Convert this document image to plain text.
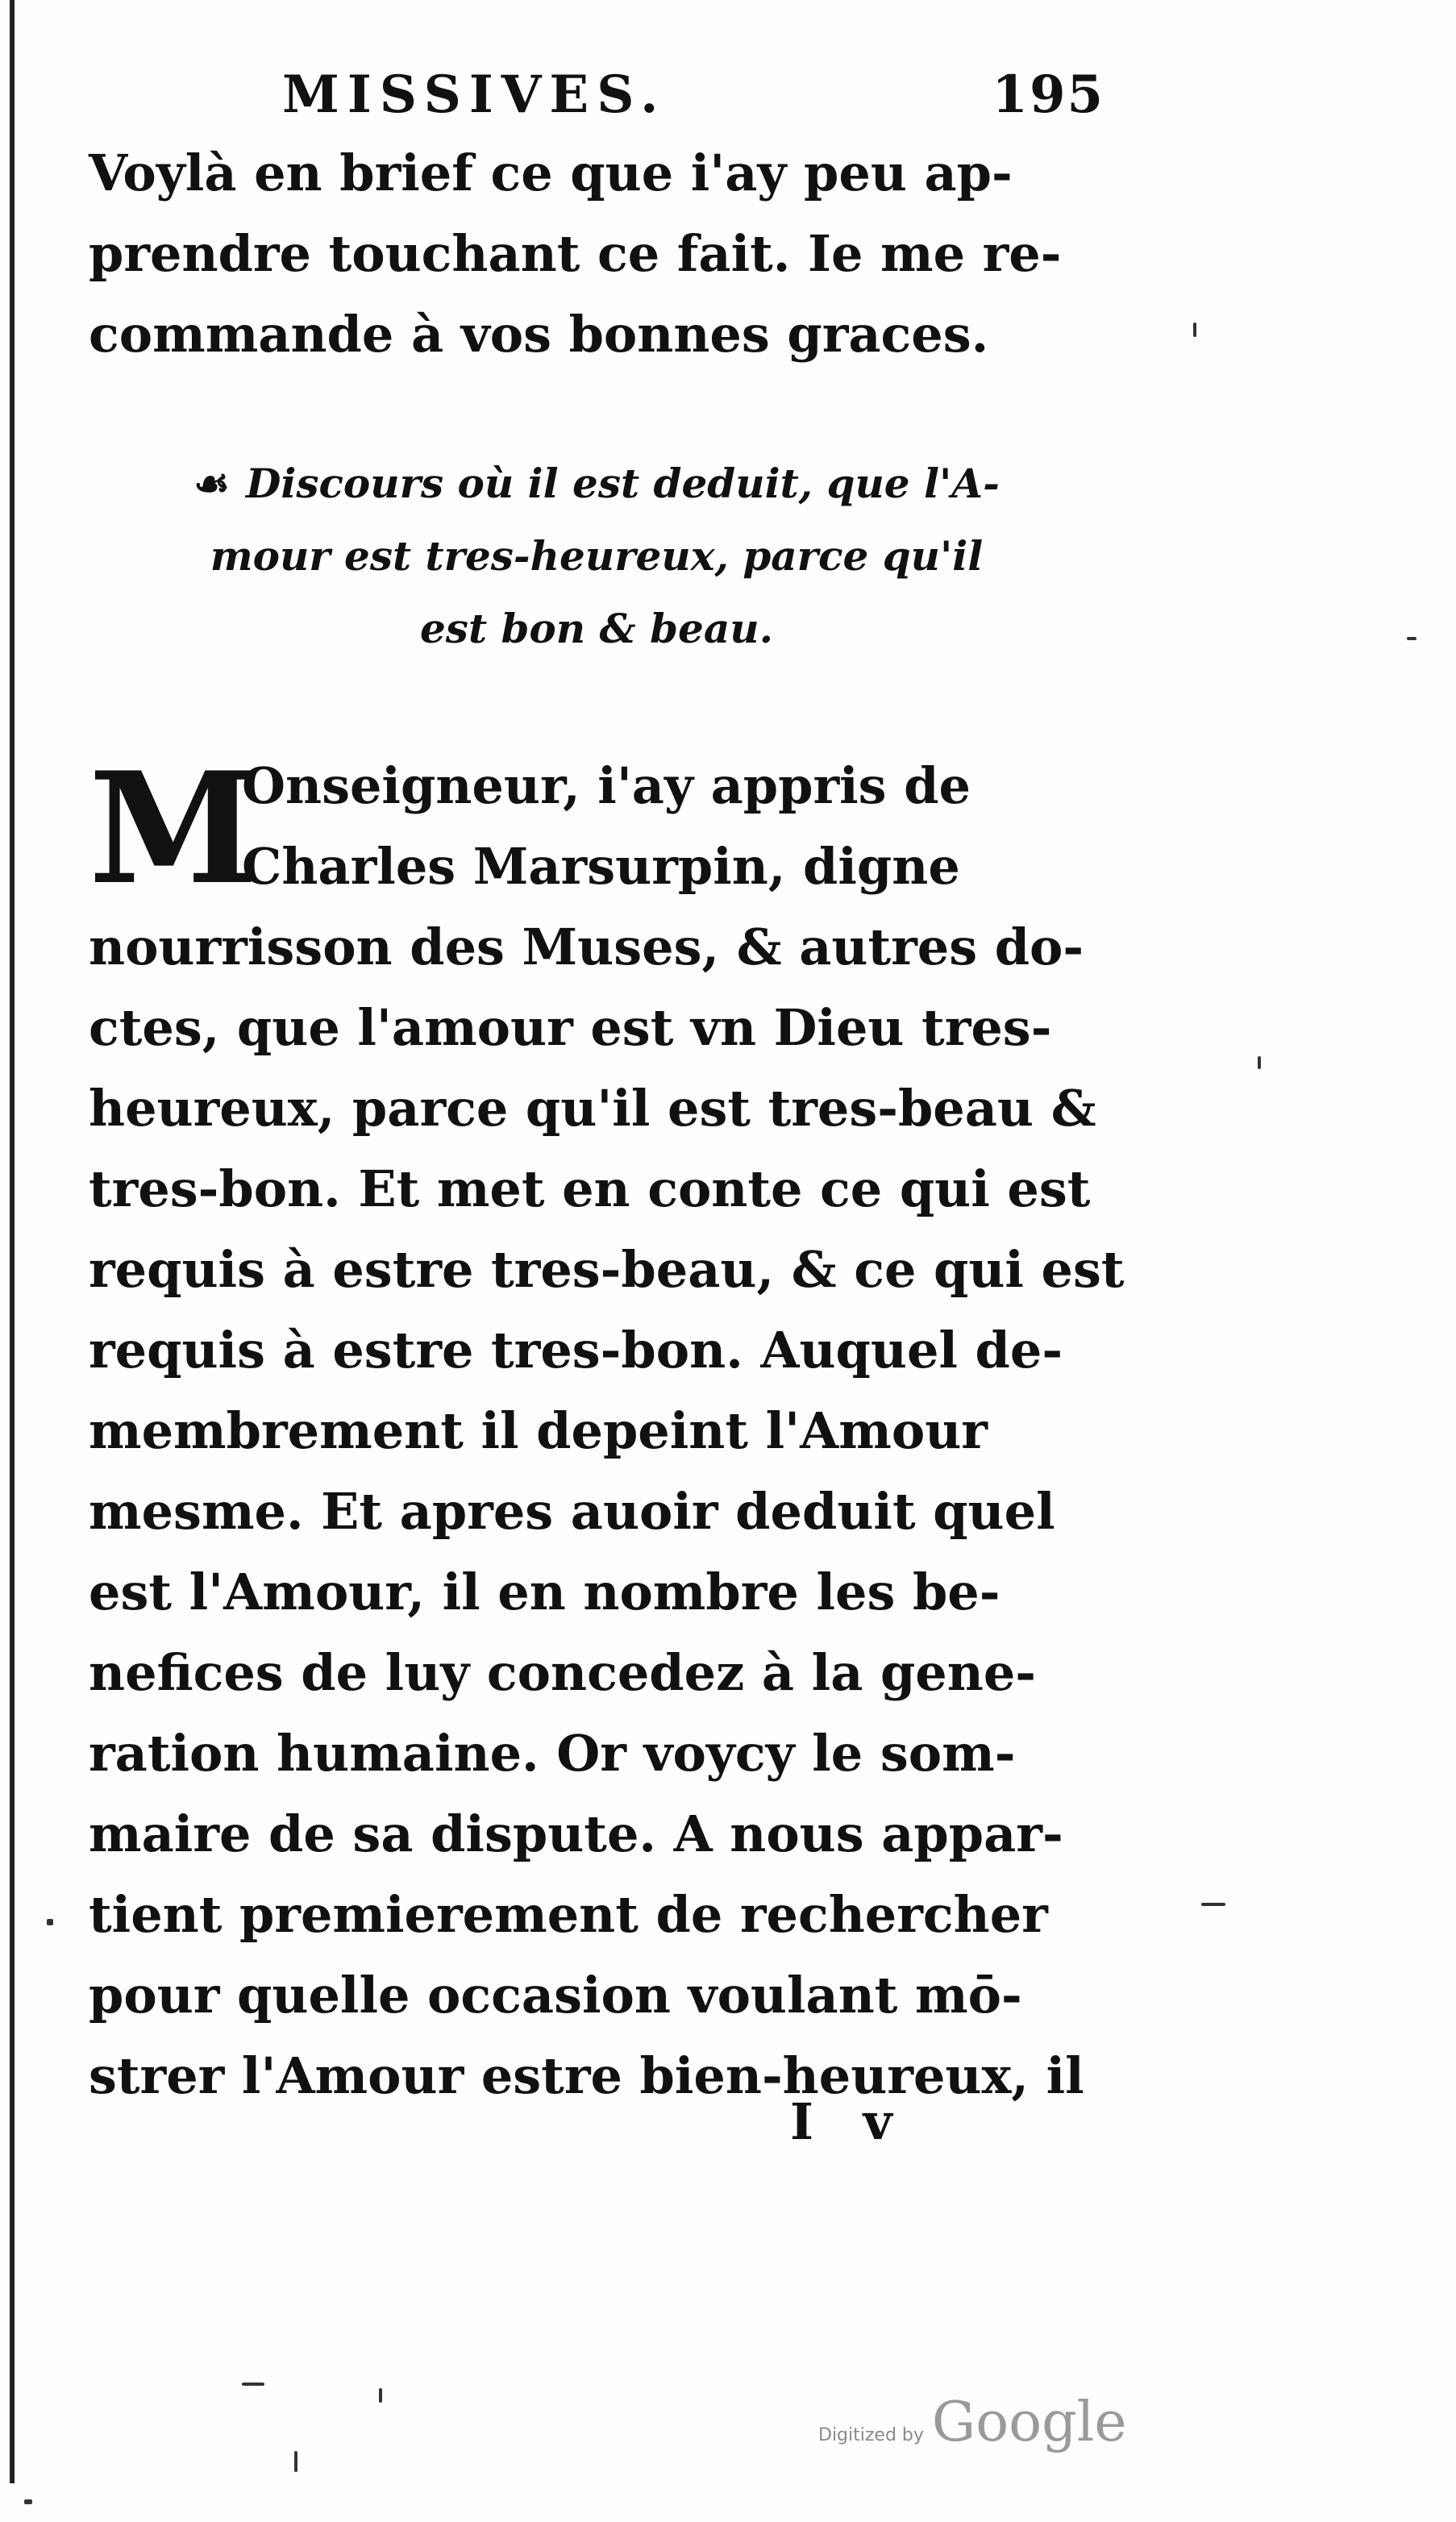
MISSIVES.	195
Voylà en brief ce que i'ay peu ap-
prendre touchant ce fait. Ie me re-
commande à vos bonnes graces.
☙ Discours où il est deduit, que l'A-
mour est tres-heureux, parce qu'il
est bon & beau.
M
Onseigneur, i'ay appris de
Charles Marsurpin, digne
nourrisson des Muses, & autres do-
ctes, que l'amour est vn Dieu tres-
heureux, parce qu'il est tres-beau &
tres-bon. Et met en conte ce qui est
requis à estre tres-beau, & ce qui est
requis à estre tres-bon. Auquel de-
membrement il depeint l'Amour
mesme. Et apres auoir deduit quel
est l'Amour, il en nombre les be-
nefices de luy concedez à la gene-
ration humaine. Or voycy le som-
maire de sa dispute. A nous appar-
tient premierement de rechercher
pour quelle occasion voulant mō-
strer l'Amour estre bien-heureux, il
I v
Digitized by Google
